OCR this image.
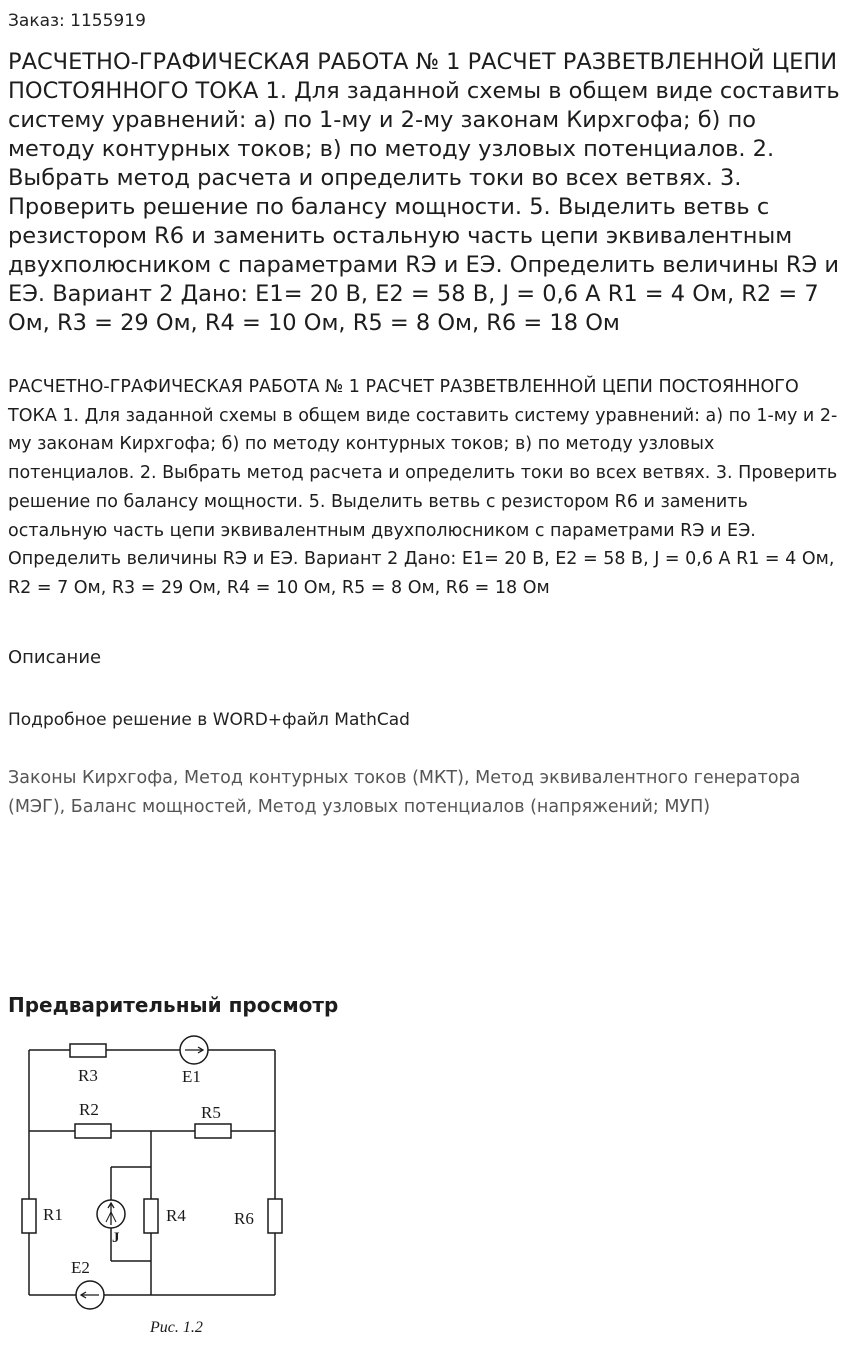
Заказ: 1155919
РАСЧЕТНО-ГРАФИЧЕСКАЯ РАБОТА № 1 РАСЧЕТ РАЗВЕТВЛЕННОЙ ЦЕПИ ПОСТОЯННОГО ТОКА 1. Для заданной схемы в общем виде составить систему уравнений: а) по 1-му и 2-му законам Кирхгофа; б) по методу контурных токов; в) по методу узловых потенциалов. 2. Выбрать метод расчета и определить токи во всех ветвях. 3. Проверить решение по балансу мощности. 5. Выделить ветвь с резистором R6 и заменить остальную часть цепи эквивалентным двухполюсником с параметрами RЭ и EЭ. Определить величины RЭ и EЭ. Вариант 2 Дано: E1= 20 В, E2 = 58 В, J = 0,6 А R1 = 4 Ом, R2 = 7 Ом, R3 = 29 Ом, R4 = 10 Ом, R5 = 8 Ом, R6 = 18 Ом

РАСЧЕТНО-ГРАФИЧЕСКАЯ РАБОТА № 1 РАСЧЕТ РАЗВЕТВЛЕННОЙ ЦЕПИ ПОСТОЯННОГО ТОКА 1. Для заданной схемы в общем виде составить систему уравнений: а) по 1-му и 2-му законам Кирхгофа; б) по методу контурных токов; в) по методу узловых потенциалов. 2. Выбрать метод расчета и определить токи во всех ветвях. 3. Проверить решение по балансу мощности. 5. Выделить ветвь с резистором R6 и заменить остальную часть цепи эквивалентным двухполюсником с параметрами RЭ и EЭ. Определить величины RЭ и EЭ. Вариант 2 Дано: E1= 20 В, E2 = 58 В, J = 0,6 А R1 = 4 Ом, R2 = 7 Ом, R3 = 29 Ом, R4 = 10 Ом, R5 = 8 Ом, R6 = 18 Ом

Описание
Подробное решение в WORD+файл MathCad
Законы Кирхгофа, Метод контурных токов (МКТ), Метод эквивалентного генератора (МЭГ), Баланс мощностей, Метод узловых потенциалов (напряжений; МУП)
Предварительный просмотр
R3	E1
R2	R5
R1	R4	R6
J
E2
Рис. 1.2
